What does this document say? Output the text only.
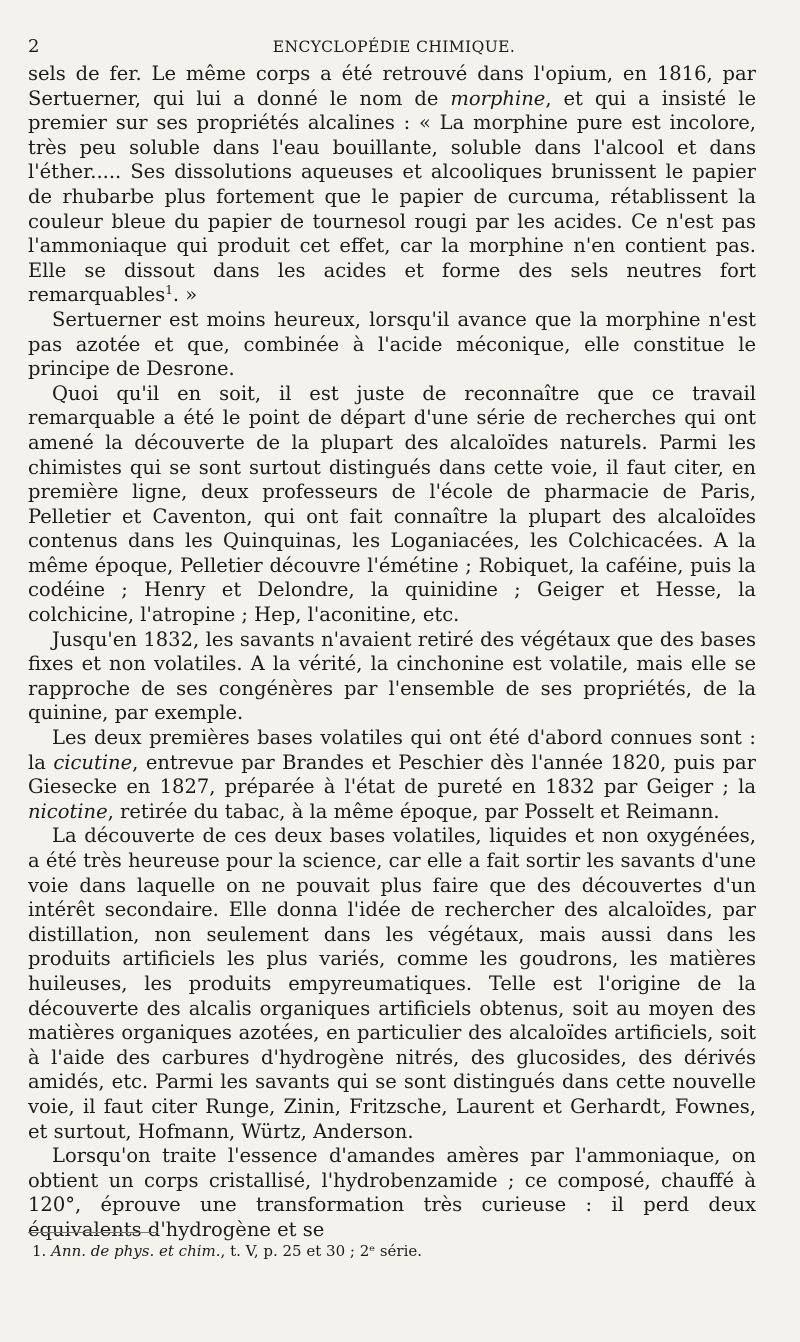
2	ENCYCLOPÉDIE CHIMIQUE.

sels de fer. Le même corps a été retrouvé dans l'opium, en 1816, par Sertuerner, qui lui a donné le nom de morphine, et qui a insisté le premier sur ses propriétés alcalines : « La morphine pure est incolore, très peu soluble dans l'eau bouillante, soluble dans l'alcool et dans l'éther..... Ses dissolutions aqueuses et alcooliques brunissent le papier de rhubarbe plus fortement que le papier de curcuma, rétablissent la couleur bleue du papier de tournesol rougi par les acides. Ce n'est pas l'ammoniaque qui produit cet effet, car la morphine n'en contient pas. Elle se dissout dans les acides et forme des sels neutres fort remarquables$^1$. »

Sertuerner est moins heureux, lorsqu'il avance que la morphine n'est pas azotée et que, combinée à l'acide méconique, elle constitue le principe de Desrone.

Quoi qu'il en soit, il est juste de reconnaître que ce travail remarquable a été le point de départ d'une série de recherches qui ont amené la découverte de la plupart des alcaloïdes naturels. Parmi les chimistes qui se sont surtout distingués dans cette voie, il faut citer, en première ligne, deux professeurs de l'école de pharmacie de Paris, Pelletier et Caventon, qui ont fait connaître la plupart des alcaloïdes contenus dans les Quinquinas, les Loganiacées, les Colchicacées. A la même époque, Pelletier découvre l'émétine ; Robiquet, la caféine, puis la codéine ; Henry et Delondre, la quinidine ; Geiger et Hesse, la colchicine, l'atropine ; Hep, l'aconitine, etc.

Jusqu'en 1832, les savants n'avaient retiré des végétaux que des bases fixes et non volatiles. A la vérité, la cinchonine est volatile, mais elle se rapproche de ses congénères par l'ensemble de ses propriétés, de la quinine, par exemple.

Les deux premières bases volatiles qui ont été d'abord connues sont : la cicutine, entrevue par Brandes et Peschier dès l'année 1820, puis par Giesecke en 1827, préparée à l'état de pureté en 1832 par Geiger ; la nicotine, retirée du tabac, à la même époque, par Posselt et Reimann.

La découverte de ces deux bases volatiles, liquides et non oxygénées, a été très heureuse pour la science, car elle a fait sortir les savants d'une voie dans laquelle on ne pouvait plus faire que des découvertes d'un intérêt secondaire. Elle donna l'idée de rechercher des alcaloïdes, par distillation, non seulement dans les végétaux, mais aussi dans les produits artificiels les plus variés, comme les goudrons, les matières huileuses, les produits empyreumatiques. Telle est l'origine de la découverte des alcalis organiques artificiels obtenus, soit au moyen des matières organiques azotées, en particulier des alcaloïdes artificiels, soit à l'aide des carbures d'hydrogène nitrés, des glucosides, des dérivés amidés, etc. Parmi les savants qui se sont distingués dans cette nouvelle voie, il faut citer Runge, Zinin, Fritzsche, Laurent et Gerhardt, Fownes, et surtout, Hofmann, Würtz, Anderson.

Lorsqu'on traite l'essence d'amandes amères par l'ammoniaque, on obtient un corps cristallisé, l'hydrobenzamide ; ce composé, chauffé à 120°, éprouve une transformation très curieuse : il perd deux équivalents d'hydrogène et se

1. Ann. de phys. et chim., t. V, p. 25 et 30 ; 2ᵉ série.
